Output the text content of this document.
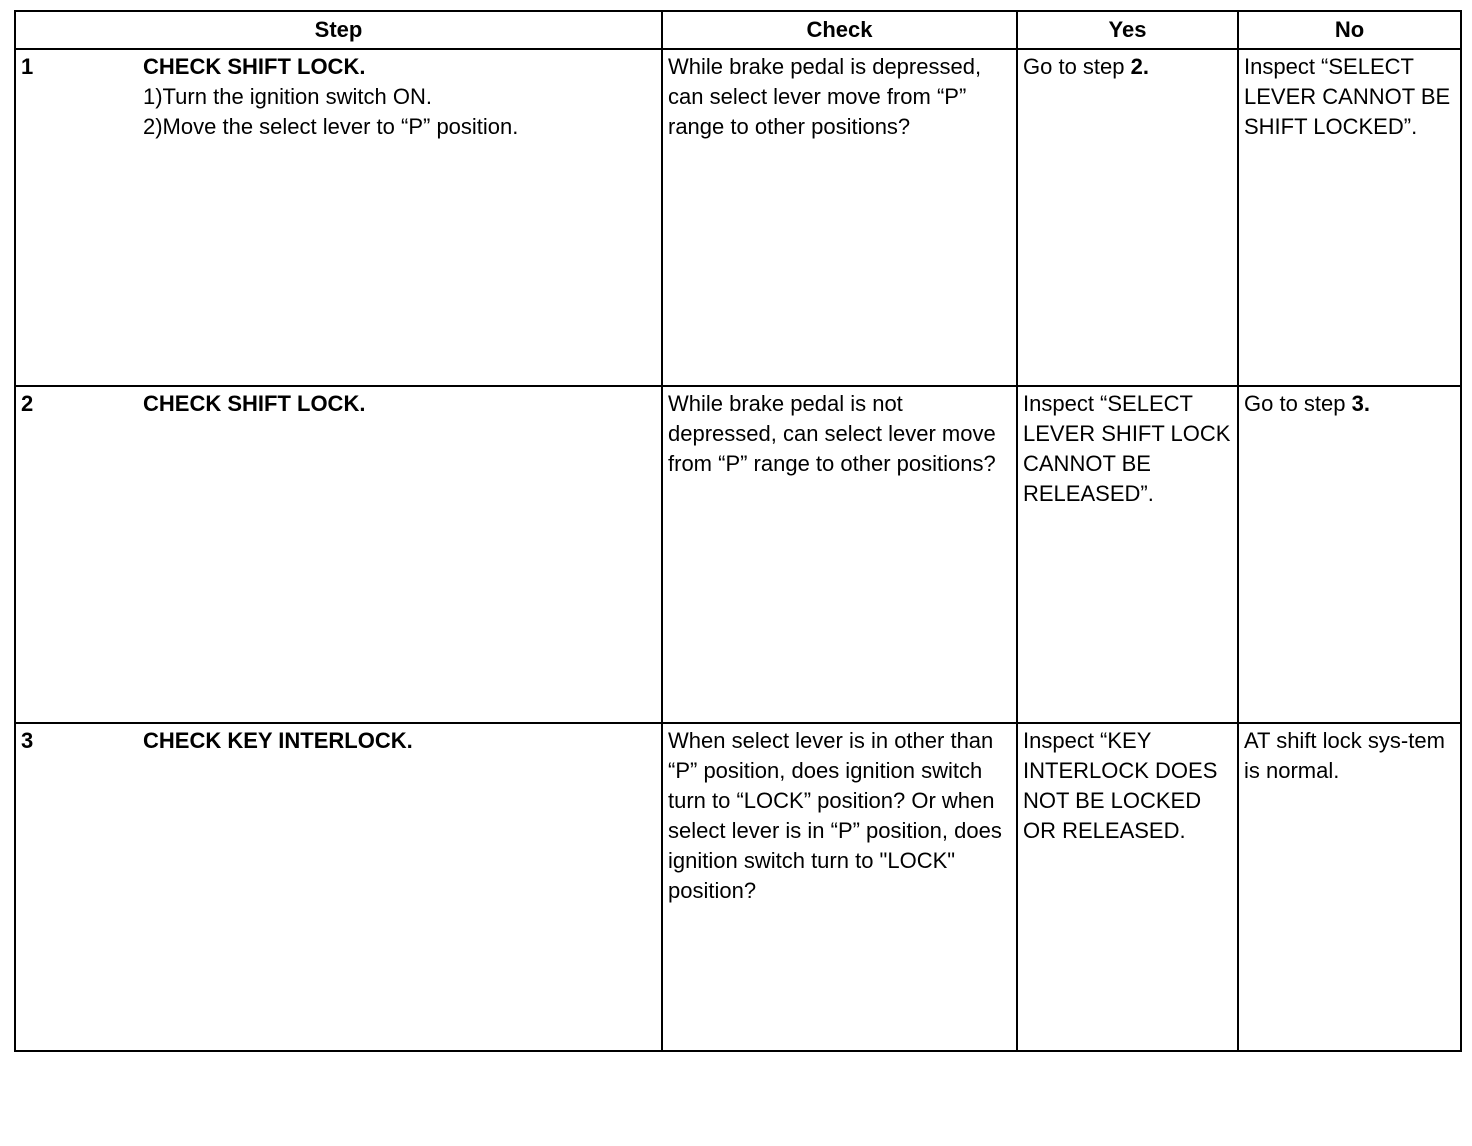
Step	Check	Yes	No

1 CHECK SHIFT LOCK.
1)Turn the ignition switch ON.
2)Move the select lever to “P” position.	While brake pedal is depressed, can select lever move from “P” range to other positions?	Go to step 2.	Inspect “SELECT LEVER CANNOT BE SHIFT LOCKED”.

2 CHECK SHIFT LOCK.	While brake pedal is not depressed, can select lever move from “P” range to other positions?	Inspect “SELECT LEVER SHIFT LOCK CANNOT BE RELEASED”.	Go to step 3.

3 CHECK KEY INTERLOCK.	When select lever is in other than “P” position, does ignition switch turn to “LOCK” position? Or when select lever is in “P” position, does ignition switch turn to "LOCK" position?	Inspect “KEY INTERLOCK DOES NOT BE LOCKED OR RELEASED.	AT shift lock sys-tem is normal.
